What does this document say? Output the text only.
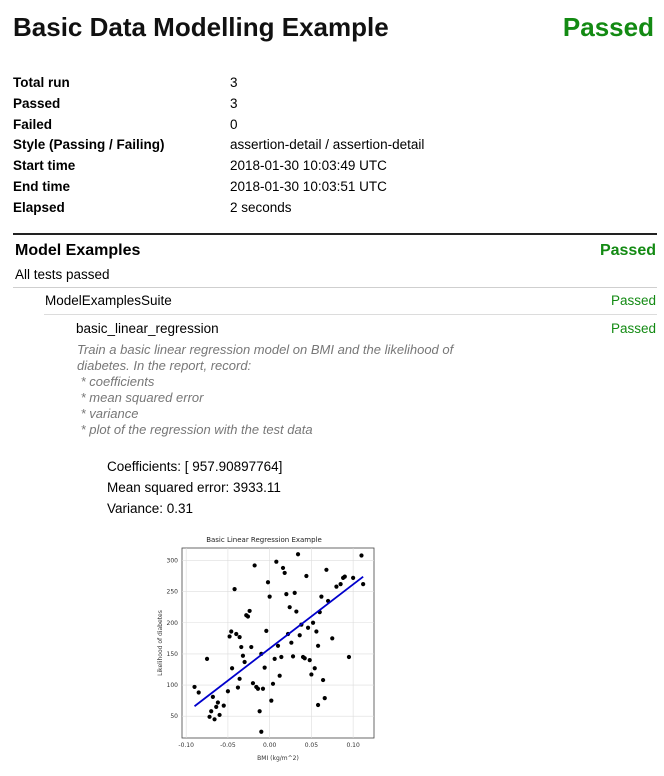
Basic Data Modelling Example	Passed
Total run	3
Passed	3
Failed	0
Style (Passing / Failing)	assertion-detail / assertion-detail
Start time	2018-01-30 10:03:49 UTC
End time	2018-01-30 10:03:51 UTC
Elapsed	2 seconds
Model Examples	Passed
All tests passed
ModelExamplesSuite	Passed
basic_linear_regression	Passed
Train a basic linear regression model on BMI and the likelihood of
diabetes. In the report, record:
* coefficients
* mean squared error
* variance
* plot of the regression with the test data
Coefficients: [ 957.90897764]
Mean squared error: 3933.11
Variance: 0.31
Basic Linear Regression Example
-0.10	-0.05	0.00	0.05	0.10
50
100
150
200
250
300
BMI (kg/m^2)
Likelihood of diabetes
